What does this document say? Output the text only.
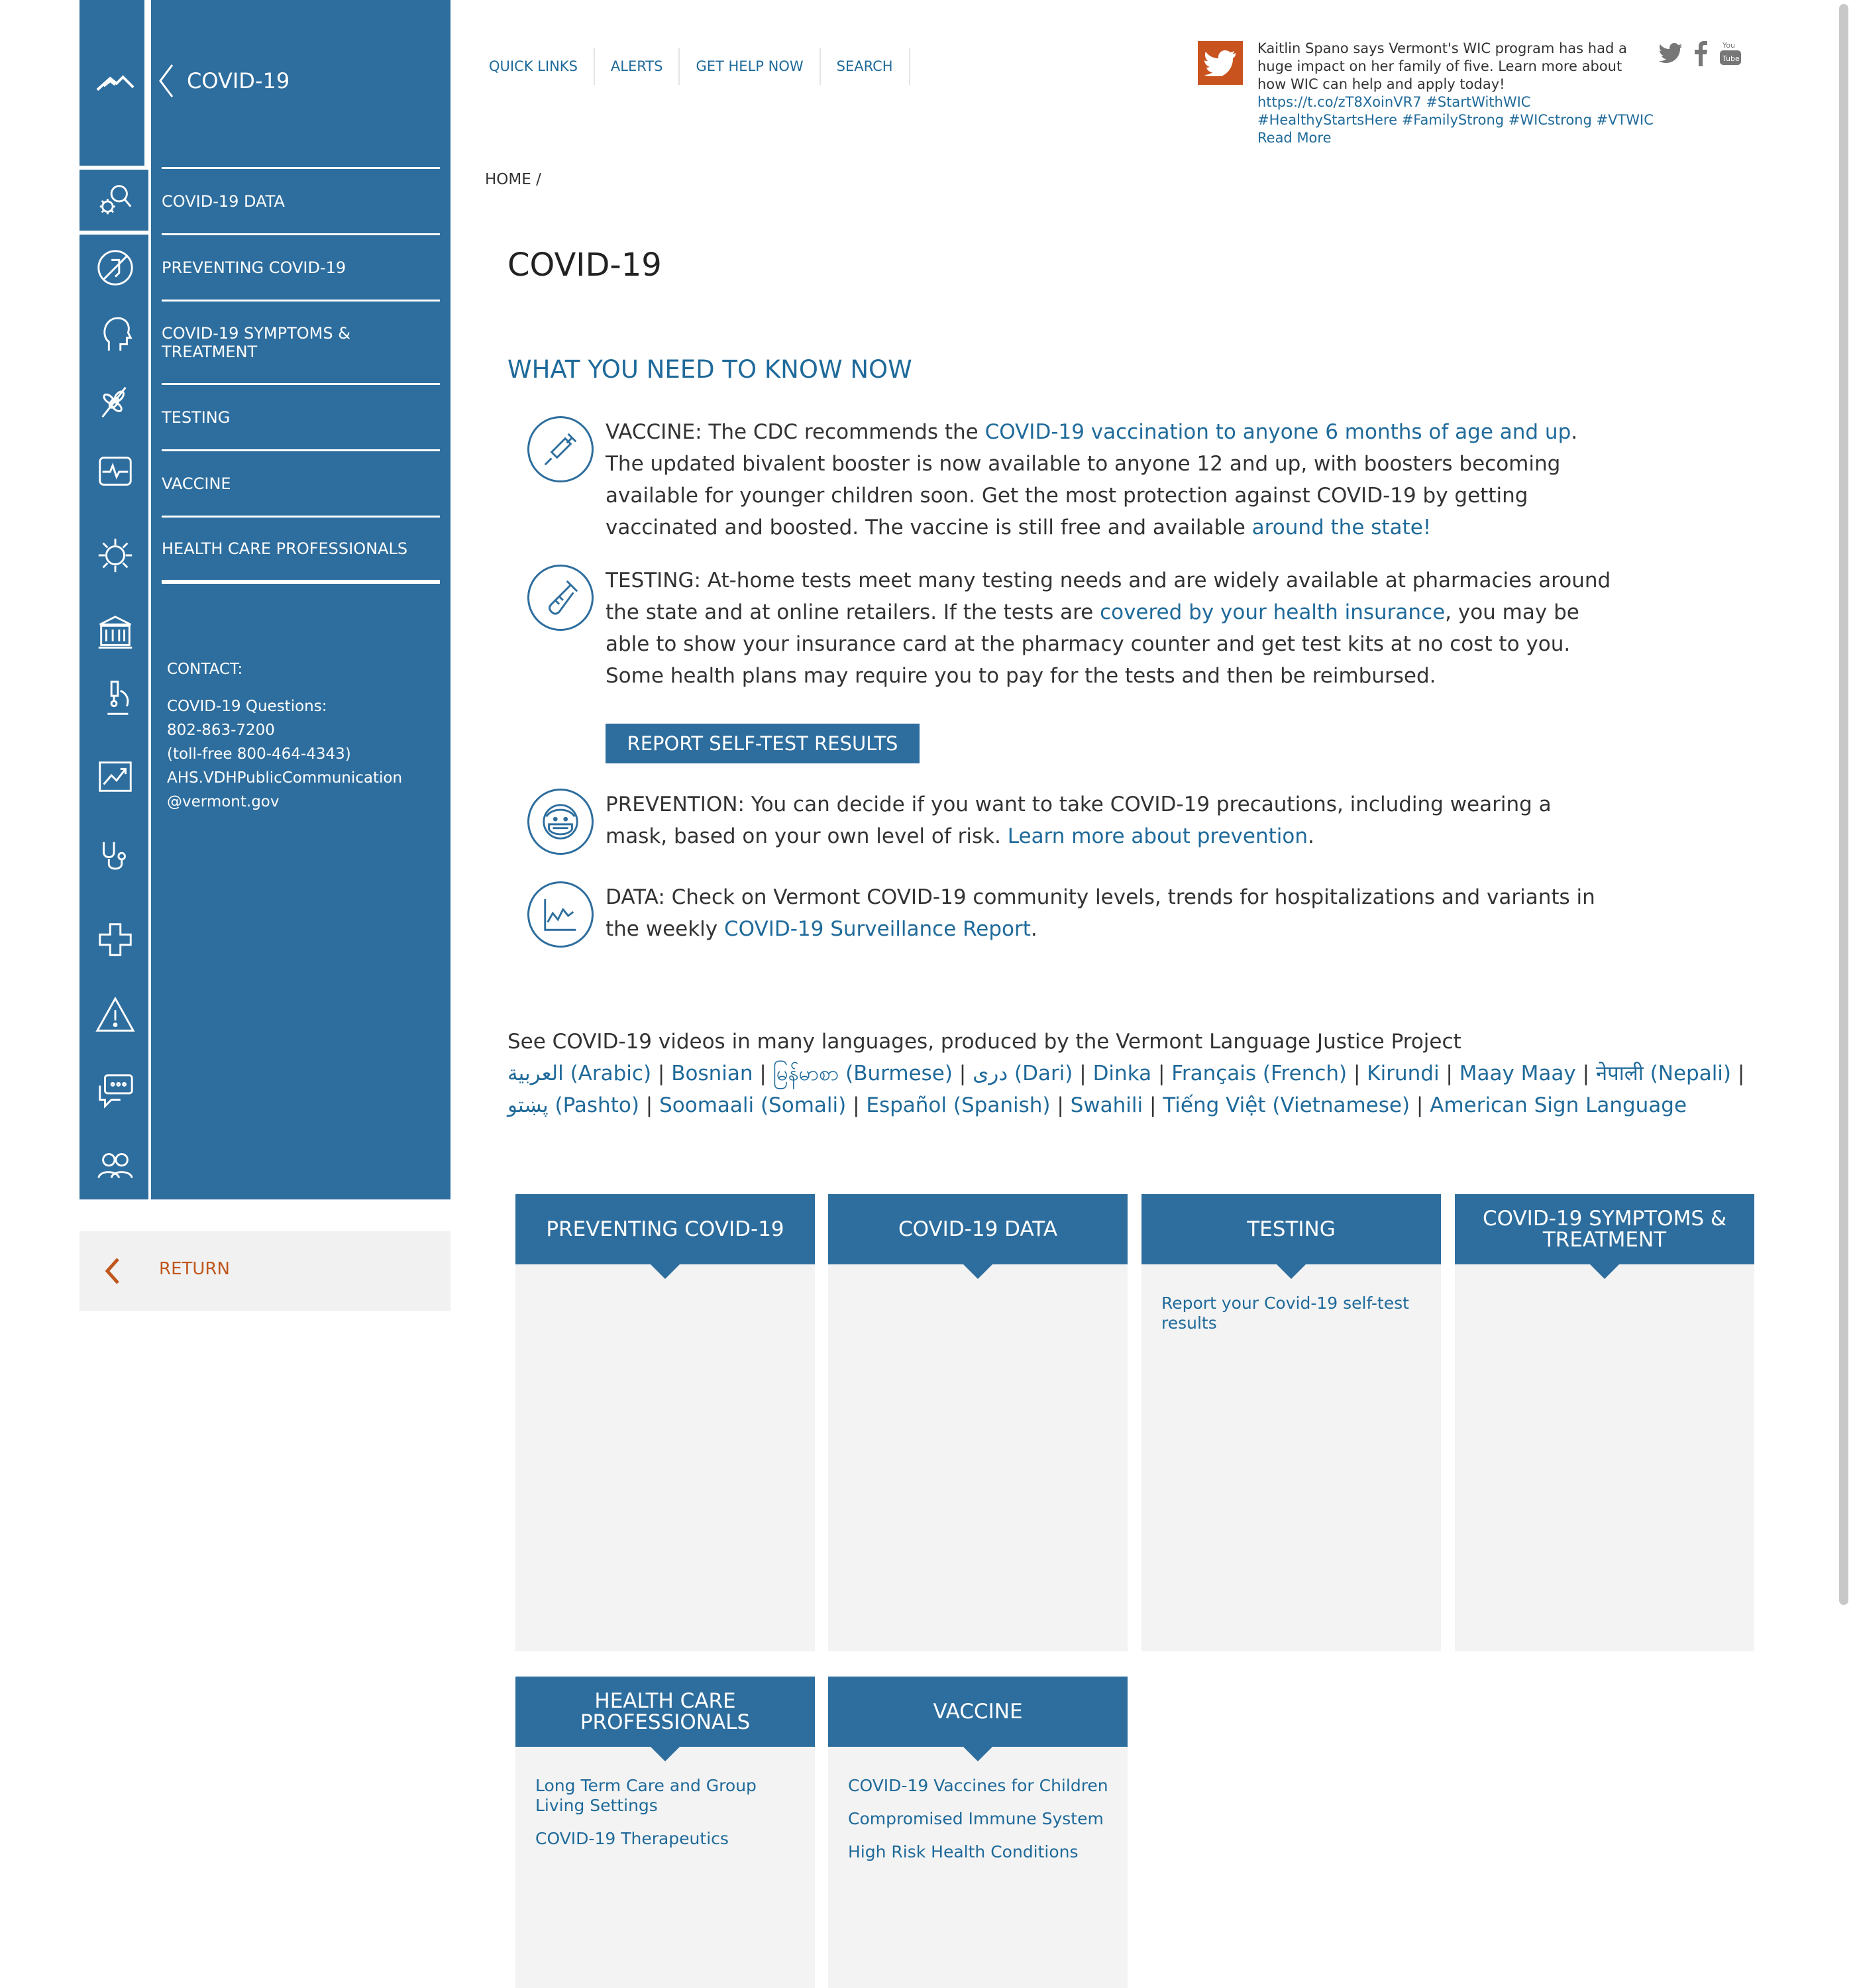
COVID-19
COVID-19 DATA
PREVENTING COVID-19
COVID-19 SYMPTOMS & TREATMENT
TESTING
VACCINE
HEALTH CARE PROFESSIONALS
CONTACT:
COVID-19 Questions:
802-863-7200
(toll-free 800-464-4343)
AHS.VDHPublicCommunication
@vermont.gov
RETURN
QUICK LINKS	ALERTS	GET HELP NOW	SEARCH
Kaitlin Spano says Vermont's WIC program has had a huge impact on her family of five. Learn more about how WIC can help and apply today! https://t.co/zT8XoinVR7 #StartWithWIC #HealthyStartsHere #FamilyStrong #WICstrong #VTWIC
Read More
You
Tube
HOME /
COVID-19
WHAT YOU NEED TO KNOW NOW
VACCINE: The CDC recommends the COVID-19 vaccination to anyone 6 months of age and up. The updated bivalent booster is now available to anyone 12 and up, with boosters becoming available for younger children soon. Get the most protection against COVID-19 by getting vaccinated and boosted. The vaccine is still free and available around the state!
TESTING: At-home tests meet many testing needs and are widely available at pharmacies around the state and at online retailers. If the tests are covered by your health insurance, you may be able to show your insurance card at the pharmacy counter and get test kits at no cost to you. Some health plans may require you to pay for the tests and then be reimbursed.
REPORT SELF-TEST RESULTS
PREVENTION: You can decide if you want to take COVID-19 precautions, including wearing a mask, based on your own level of risk. Learn more about prevention.
DATA: Check on Vermont COVID-19 community levels, trends for hospitalizations and variants in the weekly COVID-19 Surveillance Report.
See COVID-19 videos in many languages, produced by the Vermont Language Justice Project
العربية (Arabic) | Bosnian | မြန်မာစာ (Burmese) | دری (Dari) | Dinka | Français (French) | Kirundi | Maay Maay | नेपाली (Nepali) | پښتو (Pashto) | Soomaali (Somali) | Español (Spanish) | Swahili | Tiếng Việt (Vietnamese) | American Sign Language
PREVENTING COVID-19	COVID-19 DATA	TESTING
Report your Covid-19 self-test results
COVID-19 SYMPTOMS & TREATMENT
HEALTH CARE PROFESSIONALS
Long Term Care and Group Living Settings
COVID-19 Therapeutics
VACCINE
COVID-19 Vaccines for Children
Compromised Immune System
High Risk Health Conditions
